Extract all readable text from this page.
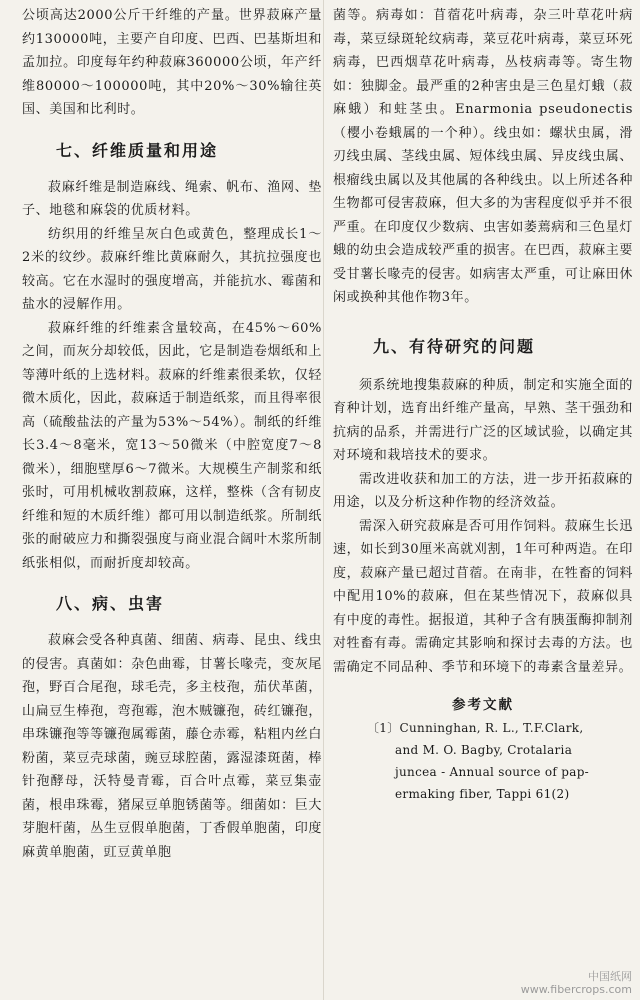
公顷高达2000公斤干纤维的产量。世界菽麻产量约130000吨，主要产自印度、巴西、巴基斯坦和孟加拉。印度每年约种菽麻360000公顷，年产纤维80000～100000吨，其中20%～30%输往英国、美国和比利时。

七、纤维质量和用途

菽麻纤维是制造麻线、绳索、帆布、渔网、垫子、地毯和麻袋的优质材料。

纺织用的纤维呈灰白色或黄色，整理成长1～2米的纹纱。菽麻纤维比黄麻耐久，其抗拉强度也较高。它在水湿时的强度增高，并能抗水、霉菌和盐水的浸解作用。

菽麻纤维的纤维素含量较高，在45%～60%之间，而灰分却较低，因此，它是制造卷烟纸和上等薄叶纸的上选材料。菽麻的纤维素很柔软，仅轻微木质化，因此，菽麻适于制造纸浆，而且得率很高（硫酸盐法的产量为53%～54%）。制纸的纤维长3.4～8毫米，宽13～50微米（中腔宽度7～8微米），细胞壁厚6～7微米。大规模生产制浆和纸张时，可用机械收割菽麻，这样，整株（含有韧皮纤维和短的木质纤维）都可用以制造纸浆。所制纸张的耐破应力和撕裂强度与商业混合阔叶木浆所制纸张相似，而耐折度却较高。

八、病、虫害

菽麻会受各种真菌、细菌、病毒、昆虫、线虫的侵害。真菌如：杂色曲霉，甘薯长喙壳，变灰尾孢，野百合尾孢，球毛壳，多主枝孢，茄伏革菌，山扁豆生棒孢，弯孢霉，泡木贼镰孢，砖红镰孢，串珠镰孢等等镰孢属霉菌，藤仓赤霉，粘粗内丝白粉菌，菜豆壳球菌，豌豆球腔菌，露湿漆斑菌，棒针孢酵母，沃特曼青霉，百合叶点霉，菜豆集壶菌，根串珠霉，猪屎豆单胞锈菌等。细菌如：巨大芽胞杆菌，丛生豆假单胞菌，丁香假单胞菌，印度麻黄单胞菌，豇豆黄单胞

菌等。病毒如：苜蓿花叶病毒，杂三叶草花叶病毒，菜豆绿斑轮纹病毒，菜豆花叶病毒，菜豆环死病毒，巴西烟草花叶病毒，丛枝病毒等。寄生物如：独脚金。最严重的2种害虫是三色星灯蛾（菽麻蛾）和蛀茎虫。Enarmonia pseudonectis（樱小卷蛾属的一个种）。线虫如：螺状虫属，滑刃线虫属、茎线虫属、短体线虫属、异皮线虫属、根瘤线虫属以及其他属的各种线虫。以上所述各种生物都可侵害菽麻，但大多的为害程度似乎并不很严重。在印度仅少数病、虫害如萎蔫病和三色星灯蛾的幼虫会造成较严重的损害。在巴西，菽麻主要受甘薯长喙壳的侵害。如病害太严重，可让麻田休闲或换种其他作物3年。

九、有待研究的问题

须系统地搜集菽麻的种质，制定和实施全面的育种计划，选育出纤维产量高，早熟、茎干强劲和抗病的品系，并需进行广泛的区域试验，以确定其对环境和栽培技术的要求。

需改进收获和加工的方法，进一步开拓菽麻的用途，以及分析这种作物的经济效益。

需深入研究菽麻是否可用作饲料。菽麻生长迅速，如长到30厘米高就刈割，1年可种两造。在印度，菽麻产量已超过苜蓿。在南非，在牲畜的饲料中配用10%的菽麻，但在某些情况下，菽麻似具有中度的毒性。据报道，其种子含有胰蛋酶抑制剂对牲畜有毒。需确定其影响和探讨去毒的方法。也需确定不同品种、季节和环境下的毒素含量差异。

参考文献
〔1〕Cunninghan, R. L., T.F.Clark,
and M. O. Bagby, Crotalaria
juncea - Annual source of pap-
ermaking fiber, Tappi 61(2)
中国纸网
www.fibercrops.com
